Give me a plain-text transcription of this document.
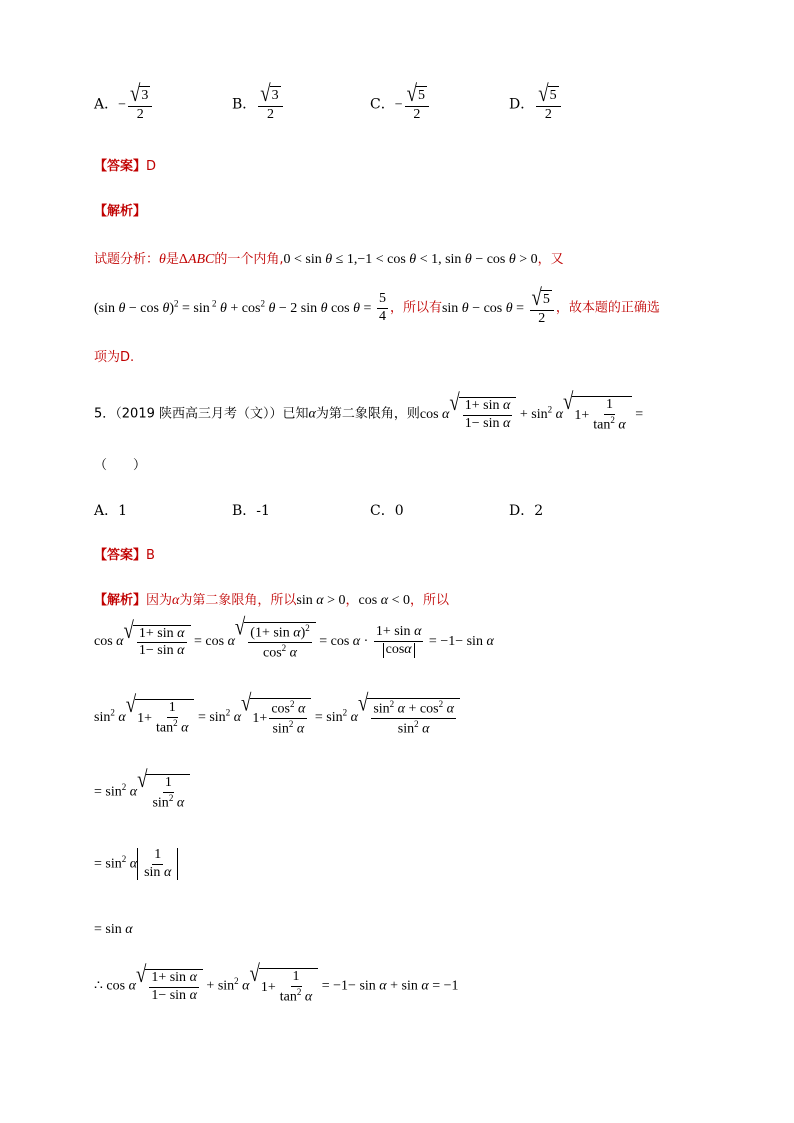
A．− $\frac{√ 3}{2}$	B． $\frac{√ 3}{2}$	C．− $\frac{√ 5}{2}$	D． $\frac{√ 5}{2}$
【答案】D
【解析】
试题分析：θ是ΔABC的一个内角,0 < sin θ ≤ 1,−1 < cos θ < 1, sin θ − cos θ > 0，又
(sin θ − cos θ)$^2$ = sin $^2$ $\theta + \cos^2 \theta - 2$ sin θ $\cos \theta = \frac{5}{4}$ ，所以有$\sin \theta - \cos \theta = \frac{√ 5}{2}$ ，故本题的正确选
项为D.
5．（2019 陕西高三月考（文））已知α为第二象限角，则cos α √ $\frac{\text{1+ sin α}}{\text{1− sin α}} + \sin^2 \alpha$ √ $1+ \frac{1}{\tan^2 \alpha}$ =
（　　）
A．1	B．-1	C．0	D．2
【答案】B
【解析】因为α为第二象限角，所以sin α > 0，cos α < 0，所以
cos α √ $\frac{\text{1+ sin α}}{\text{1− sin α}} = \cos \alpha$
√ $\frac{(1+ \sin \alpha)^2}{\cos^2 \alpha} = \cos \alpha \cdot \frac{\text{1+ sin α}}{\text{cos α}} = -1- \sin \alpha$
$\sin^2 \alpha$ √ $1+ \frac{1}{\tan^2 \alpha} = \sin^2 \alpha$
√
$1+ \frac{\cos^2 \alpha}{\sin^2 \alpha} = \sin^2 \alpha$
√ $\frac{\sin^2 \alpha + \cos^2 \alpha}{\sin^2 \alpha}$
= $\sin^2 \alpha$ √ $\frac{1}{\sin^2 \alpha}$
= $\sin^2 \alpha \frac{1}{\text{sin α}}$
= sin α
∴ cos α √ $\frac{\text{1+ sin α}}{\text{1− sin α}} + \sin^2 \alpha$ √ $1+ \frac{1}{\tan^2 \alpha} = -1- \sin \alpha + \sin \alpha = -1$
